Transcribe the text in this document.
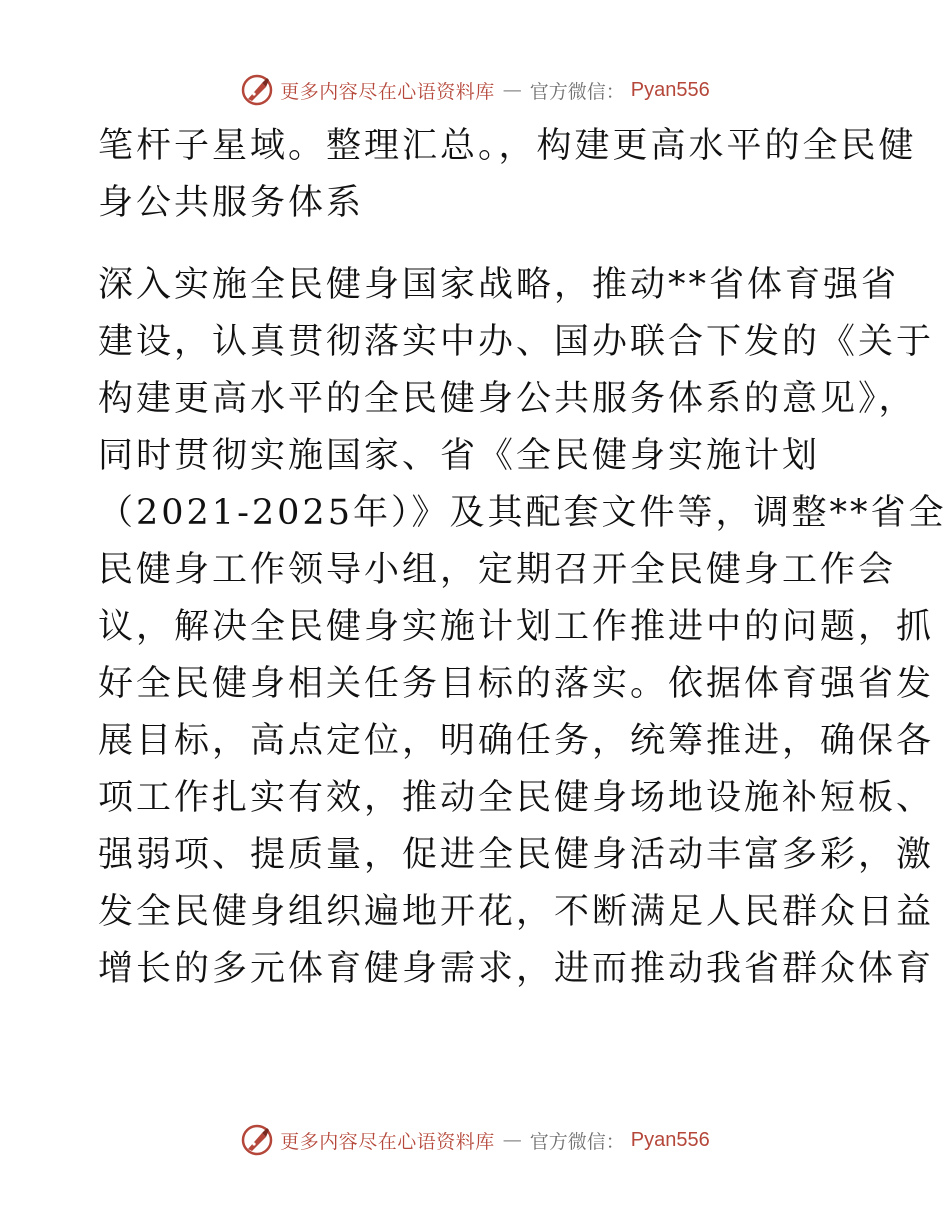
更多内容尽在心语资料库 — 官方微信： Pyan556
笔杆子星域。整理汇总。，构建更高水平的全民健
身公共服务体系
深入实施全民健身国家战略，推动**省体育强省
建设，认真贯彻落实中办、国办联合下发的《关于
构建更高水平的全民健身公共服务体系的意见》，
同时贯彻实施国家、省《全民健身实施计划
（2021-2025年）》及其配套文件等，调整**省全
民健身工作领导小组，定期召开全民健身工作会
议，解决全民健身实施计划工作推进中的问题，抓
好全民健身相关任务目标的落实。依据体育强省发
展目标，高点定位，明确任务，统筹推进，确保各
项工作扎实有效，推动全民健身场地设施补短板、
强弱项、提质量，促进全民健身活动丰富多彩，激
发全民健身组织遍地开花，不断满足人民群众日益
增长的多元体育健身需求，进而推动我省群众体育
更多内容尽在心语资料库 — 官方微信： Pyan556
